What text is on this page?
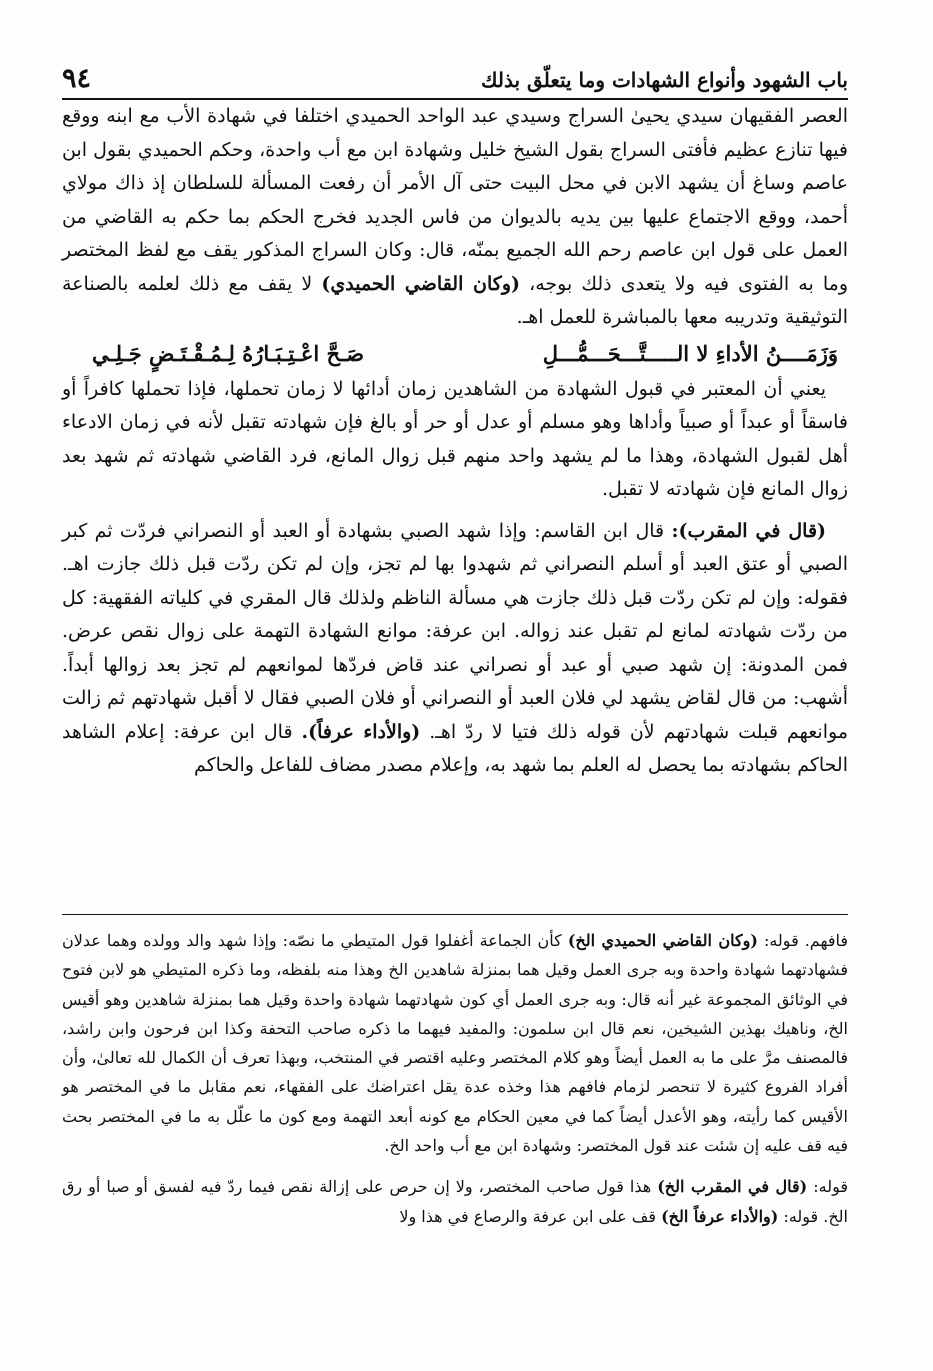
باب الشهود وأنواع الشهادات وما يتعلّق بذلك
٩٤

العصر الفقيهان سيدي يحيىٰ السراج وسيدي عبد الواحد الحميدي اختلفا في شهادة الأب مع ابنه ووقع فيها تنازع عظيم فأفتى السراج بقول الشيخ خليل وشهادة ابن مع أب واحدة، وحكم الحميدي بقول ابن عاصم وساغ أن يشهد الابن في محل البيت حتى آل الأمر أن رفعت المسألة للسلطان إذ ذاك مولاي أحمد، ووقع الاجتماع عليها بين يديه بالديوان من فاس الجديد فخرج الحكم بما حكم به القاضي من العمل على قول ابن عاصم رحم الله الجميع بمنّه، قال: وكان السراج المذكور يقف مع لفظ المختصر وما به الفتوى فيه ولا يتعدى ذلك بوجه، (وكان القاضي الحميدي) لا يقف مع ذلك لعلمه بالصناعة التوثيقية وتدريبه معها بالمباشرة للعمل اهـ.

وَزَمَــــنُ الأداءِ لا الـــــتَّـــحَـــمُّـــلِ
صَـحَّ اعْـتِـبَـارُهُ لِـمُـقْـتَـضٍ جَـلِـي

يعني أن المعتبر في قبول الشهادة من الشاهدين زمان أدائها لا زمان تحملها، فإذا تحملها كافراً أو فاسقاً أو عبداً أو صبياً وأداها وهو مسلم أو عدل أو حر أو بالغ فإن شهادته تقبل لأنه في زمان الادعاء أهل لقبول الشهادة، وهذا ما لم يشهد واحد منهم قبل زوال المانع، فرد القاضي شهادته ثم شهد بعد زوال المانع فإن شهادته لا تقبل.

(قال في المقرب): قال ابن القاسم: وإذا شهد الصبي بشهادة أو العبد أو النصراني فردّت ثم كبر الصبي أو عتق العبد أو أسلم النصراني ثم شهدوا بها لم تجز، وإن لم تكن ردّت قبل ذلك جازت اهـ. فقوله: وإن لم تكن ردّت قبل ذلك جازت هي مسألة الناظم ولذلك قال المقري في كلياته الفقهية: كل من ردّت شهادته لمانع لم تقبل عند زواله. ابن عرفة: موانع الشهادة التهمة على زوال نقص عرض. فمن المدونة: إن شهد صبي أو عبد أو نصراني عند قاض فردّها لموانعهم لم تجز بعد زوالها أبداً. أشهب: من قال لقاض يشهد لي فلان العبد أو النصراني أو فلان الصبي فقال لا أقبل شهادتهم ثم زالت موانعهم قبلت شهادتهم لأن قوله ذلك فتيا لا ردّ اهـ. (والأداء عرفاً). قال ابن عرفة: إعلام الشاهد الحاكم بشهادته بما يحصل له العلم بما شهد به، وإعلام مصدر مضاف للفاعل والحاكم

فافهم. قوله: (وكان القاضي الحميدي الخ) كأن الجماعة أغفلوا قول المتيطي ما نصّه: وإذا شهد والد وولده وهما عدلان فشهادتهما شهادة واحدة وبه جرى العمل وقيل هما بمنزلة شاهدين الخ وهذا منه بلفظه، وما ذكره المتيطي هو لابن فتوح في الوثائق المجموعة غير أنه قال: وبه جرى العمل أي كون شهادتهما شهادة واحدة وقيل هما بمنزلة شاهدين وهو أقيس الخ، وناهيك بهذين الشيخين، نعم قال ابن سلمون: والمفيد فيهما ما ذكره صاحب التحفة وكذا ابن فرحون وابن راشد، فالمصنف مرَّ على ما به العمل أيضاً وهو كلام المختصر وعليه اقتصر في المنتخب، وبهذا تعرف أن الكمال لله تعالىٰ، وأن أفراد الفروع كثيرة لا تنحصر لزمام فافهم هذا وخذه عدة يقل اعتراضك على الفقهاء، نعم مقابل ما في المختصر هو الأقيس كما رأيته، وهو الأعدل أيضاً كما في معين الحكام مع كونه أبعد التهمة ومع كون ما علّل به ما في المختصر بحث فيه قف عليه إن شئت عند قول المختصر: وشهادة ابن مع أب واحد الخ.

قوله: (قال في المقرب الخ) هذا قول صاحب المختصر، ولا إن حرص على إزالة نقص فيما ردّ فيه لفسق أو صبا أو رق الخ. قوله: (والأداء عرفاً الخ) قف على ابن عرفة والرصاع في هذا ولا
